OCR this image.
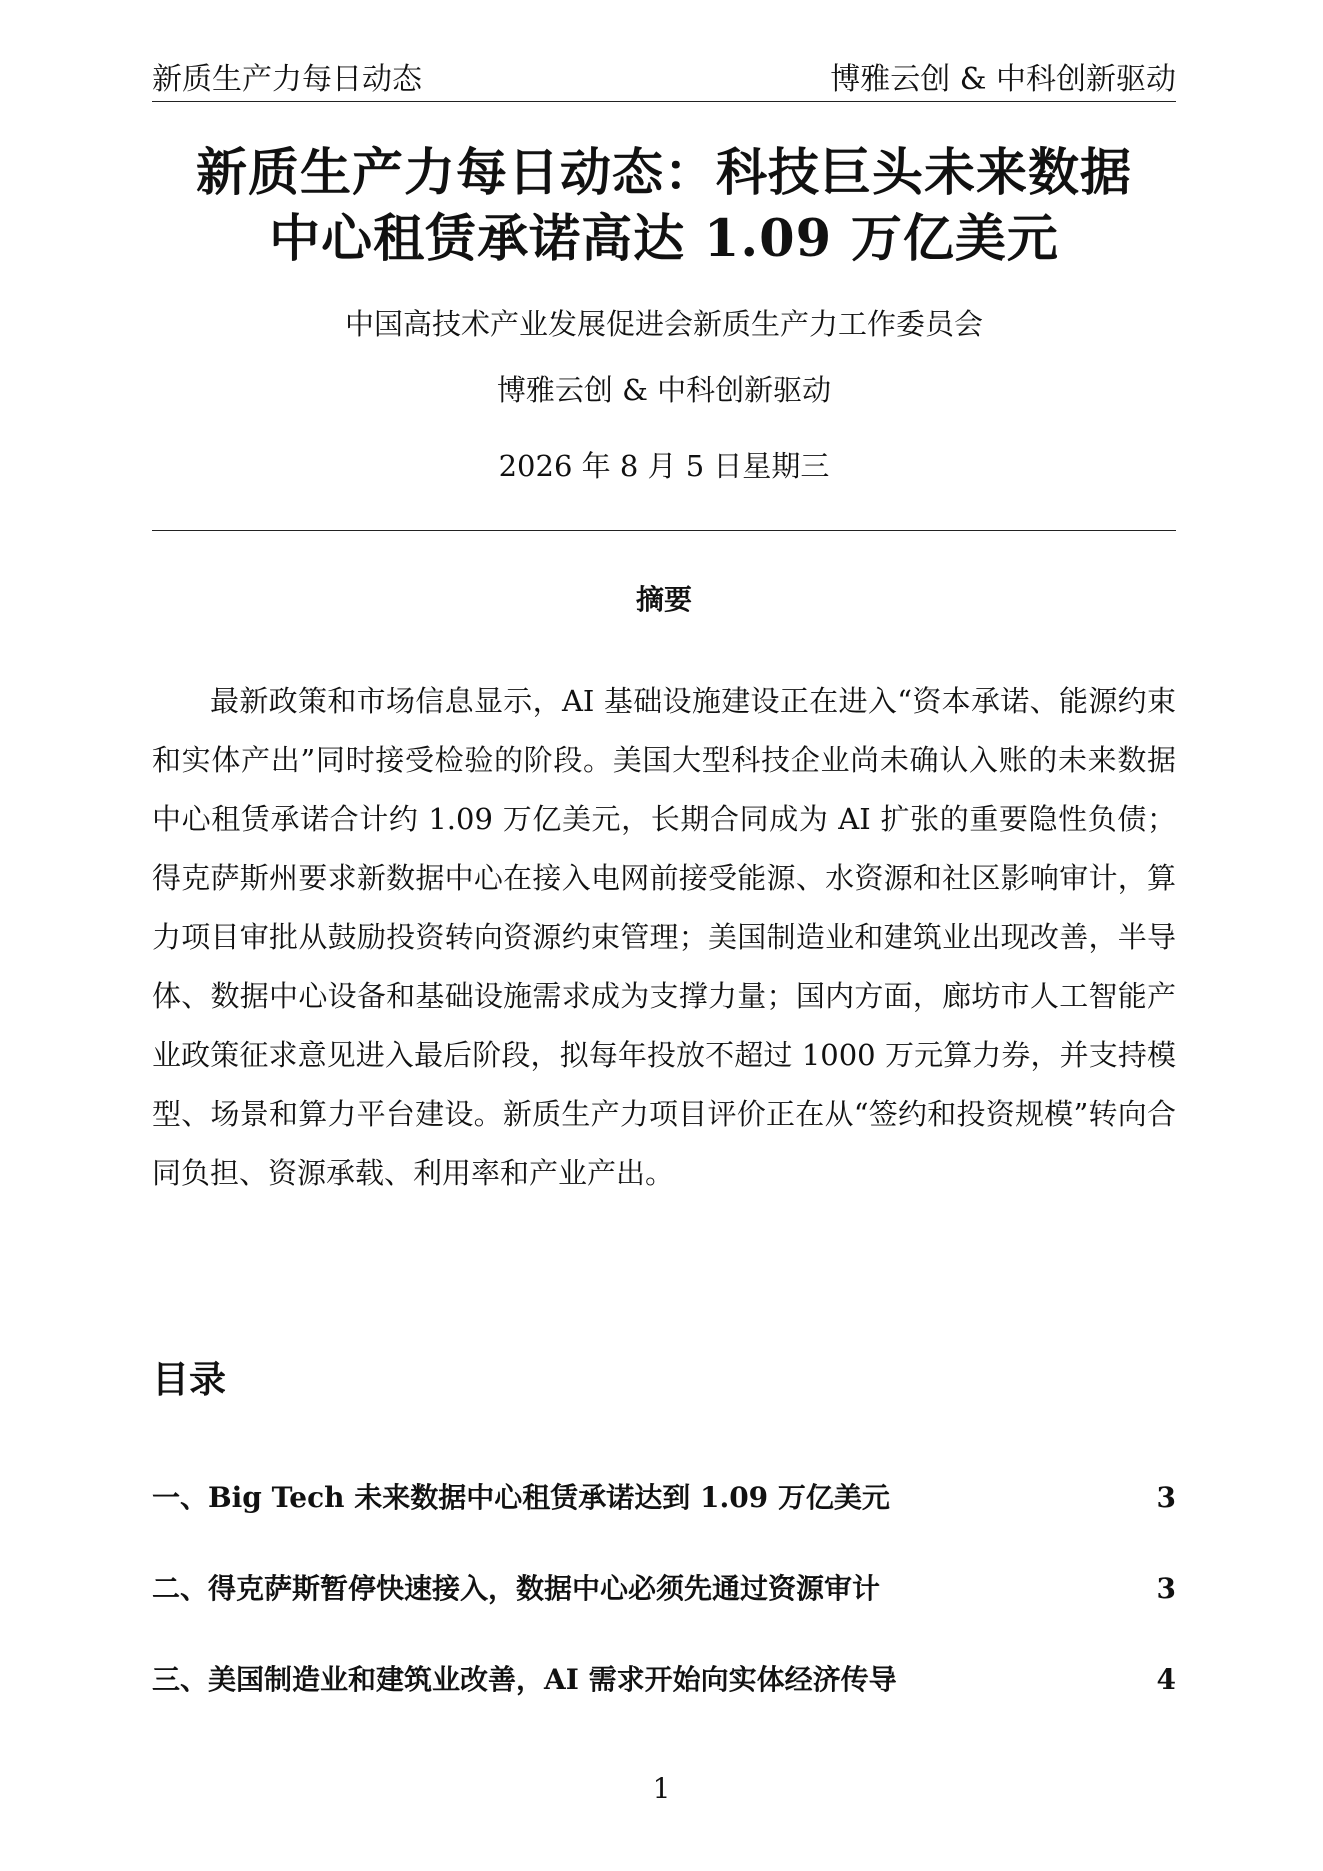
新质生产力每日动态	博雅云创 & 中科创新驱动
新质生产力每日动态：科技巨头未来数据
中心租赁承诺高达 1.09 万亿美元
中国高技术产业发展促进会新质生产力工作委员会
博雅云创 & 中科创新驱动
2026 年 8 月 5 日星期三
摘要

最新政策和市场信息显示，AI 基础设施建设正在进入“资本承诺、能源约束和实体产出”同时接受检验的阶段。美国大型科技企业尚未确认入账的未来数据中心租赁承诺合计约 1.09 万亿美元，长期合同成为 AI 扩张的重要隐性负债；得克萨斯州要求新数据中心在接入电网前接受能源、水资源和社区影响审计，算力项目审批从鼓励投资转向资源约束管理；美国制造业和建筑业出现改善，半导体、数据中心设备和基础设施需求成为支撑力量；国内方面，廊坊市人工智能产业政策征求意见进入最后阶段，拟每年投放不超过 1000 万元算力券，并支持模型、场景和算力平台建设。新质生产力项目评价正在从“签约和投资规模”转向合同负担、资源承载、利用率和产业产出。

目录
一、Big Tech 未来数据中心租赁承诺达到 1.09 万亿美元	3
二、得克萨斯暂停快速接入，数据中心必须先通过资源审计	3
三、美国制造业和建筑业改善，AI 需求开始向实体经济传导	4
1
